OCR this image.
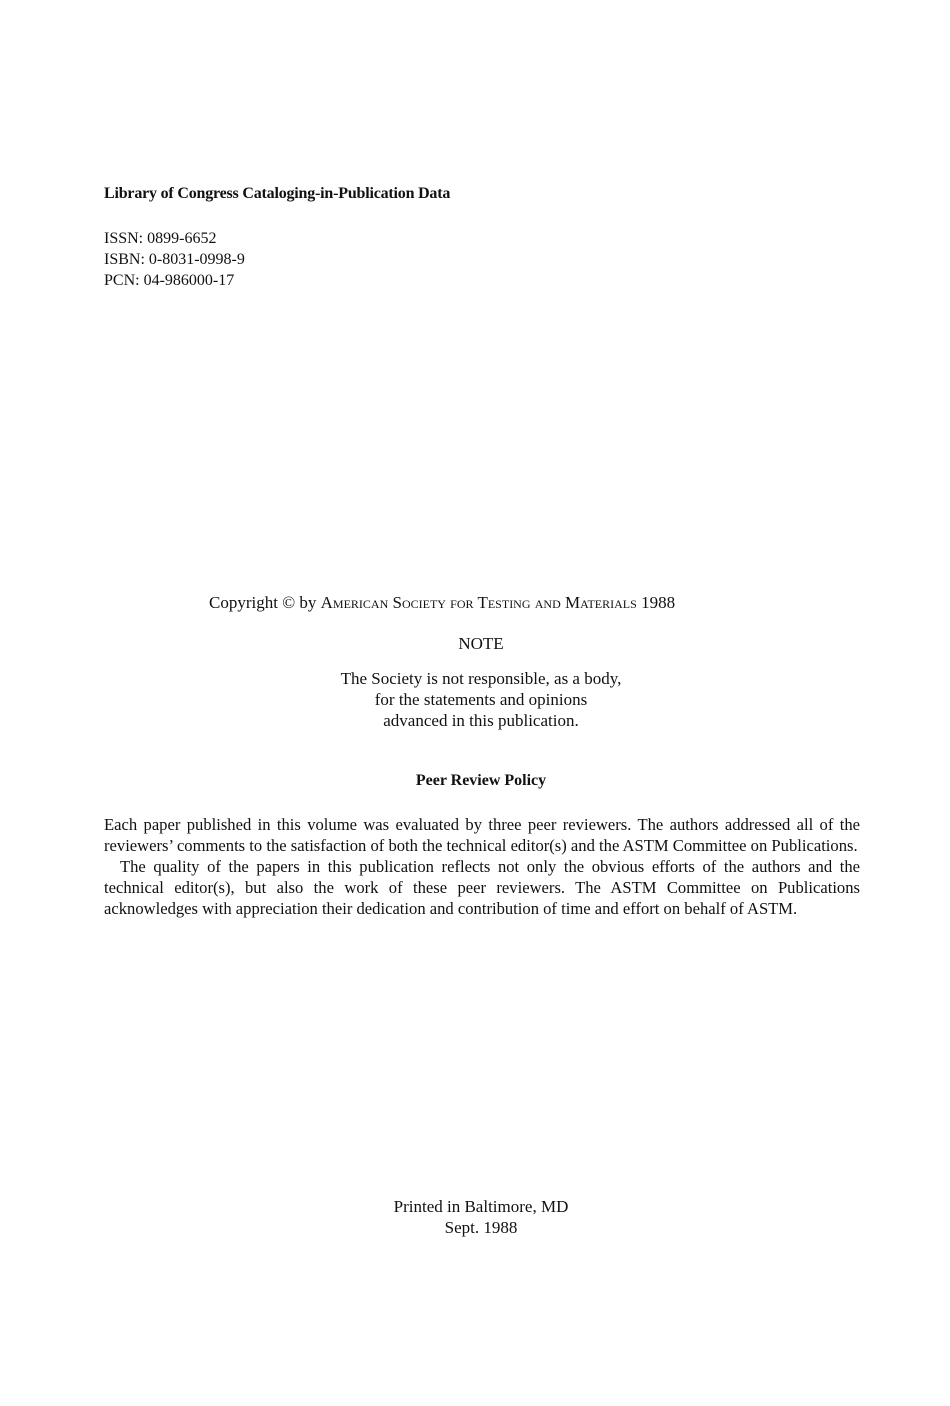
Library of Congress Cataloging-in-Publication Data
ISSN: 0899-6652
ISBN: 0-8031-0998-9
PCN: 04-986000-17
Copyright © by American Society for Testing and Materials 1988
NOTE
The Society is not responsible, as a body,
for the statements and opinions
advanced in this publication.
Peer Review Policy

Each paper published in this volume was evaluated by three peer reviewers. The authors addressed all of the reviewers’ comments to the satisfaction of both the technical editor(s) and the ASTM Committee on Publications.

The quality of the papers in this publication reflects not only the obvious efforts of the authors and the technical editor(s), but also the work of these peer reviewers. The ASTM Committee on Publications acknowledges with appreciation their dedication and contribution of time and effort on behalf of ASTM.

Printed in Baltimore, MD
Sept. 1988
